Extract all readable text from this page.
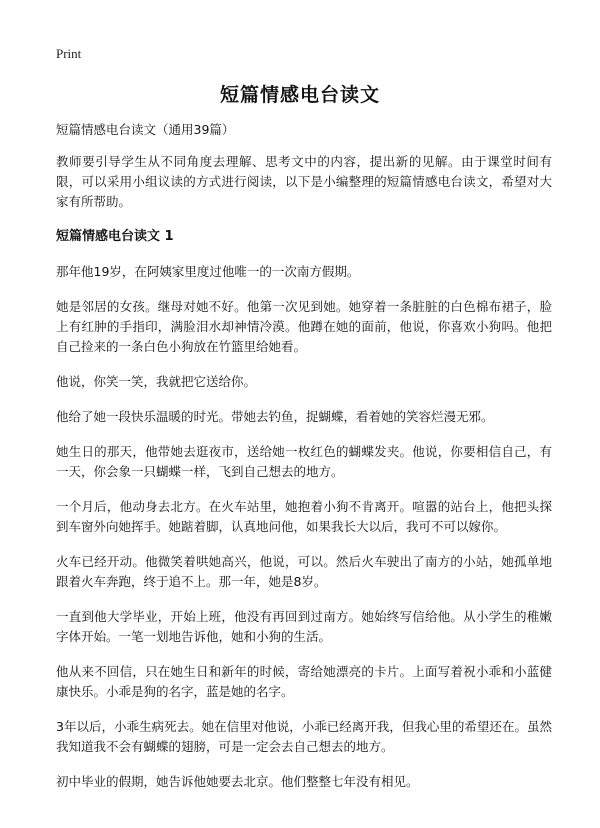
Print
短篇情感电台读文

短篇情感电台读文（通用39篇）

教师要引导学生从不同角度去理解、思考文中的内容，提出新的见解。由于课堂时间有限，可以采用小组议读的方式进行阅读，以下是小编整理的短篇情感电台读文，希望对大家有所帮助。

短篇情感电台读文 1

那年他19岁，在阿姨家里度过他唯一的一次南方假期。

她是邻居的女孩。继母对她不好。他第一次见到她。她穿着一条脏脏的白色棉布裙子，脸上有红肿的手指印，满脸泪水却神情冷漠。他蹲在她的面前，他说，你喜欢小狗吗。他把自己捡来的一条白色小狗放在竹篮里给她看。

他说，你笑一笑，我就把它送给你。

他给了她一段快乐温暖的时光。带她去钓鱼，捉蝴蝶，看着她的笑容烂漫无邪。

她生日的那天，他带她去逛夜市，送给她一枚红色的蝴蝶发夹。他说，你要相信自己，有一天，你会象一只蝴蝶一样，飞到自己想去的地方。

一个月后，他动身去北方。在火车站里，她抱着小狗不肯离开。喧嚣的站台上，他把头探到车窗外向她挥手。她踮着脚，认真地问他，如果我长大以后，我可不可以嫁你。

火车已经开动。他微笑着哄她高兴，他说，可以。然后火车驶出了南方的小站，她孤单地跟着火车奔跑，终于追不上。那一年，她是8岁。

一直到他大学毕业，开始上班，他没有再回到过南方。她始终写信给他。从小学生的稚嫩字体开始。一笔一划地告诉他，她和小狗的生活。

他从来不回信，只在她生日和新年的时候，寄给她漂亮的卡片。上面写着祝小乖和小蓝健康快乐。小乖是狗的名字，蓝是她的名字。

3年以后，小乖生病死去。她在信里对他说，小乖已经离开我，但我心里的希望还在。虽然我知道我不会有蝴蝶的翅膀，可是一定会去自己想去的地方。

初中毕业的假期，她告诉他她要去北京。他们整整七年没有相见。
